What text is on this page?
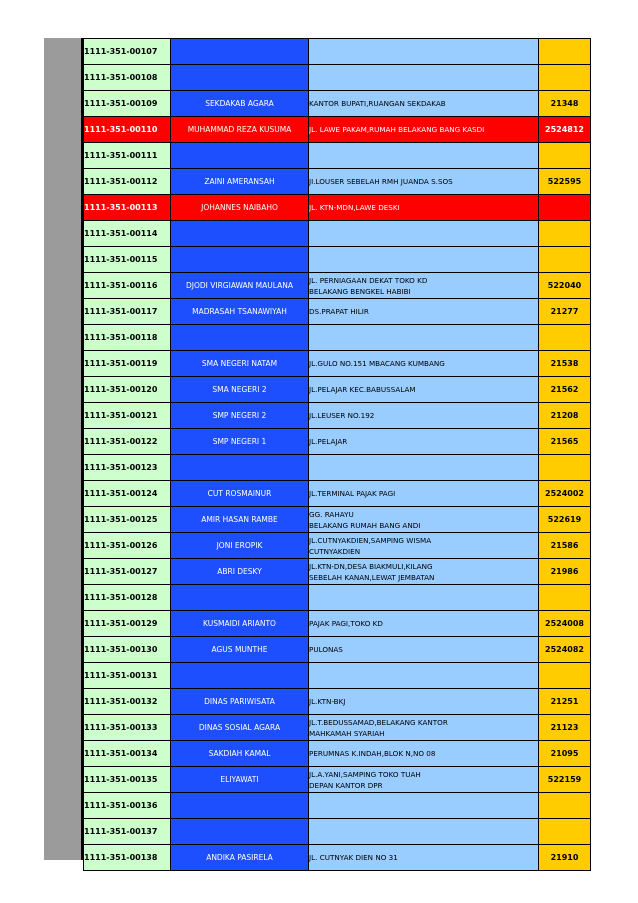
1111-351-00107			
1111-351-00108			
1111-351-00109	SEKDAKAB AGARA	KANTOR BUPATI,RUANGAN SEKDAKAB	21348
1111-351-00110	MUHAMMAD REZA KUSUMA	JL. LAWE PAKAM,RUMAH BELAKANG BANG KASDI	2524812
1111-351-00111			
1111-351-00112	ZAINI AMERANSAH	JI.LOUSER SEBELAH RMH JUANDA S.SOS	522595
1111-351-00113	JOHANNES NAIBAHO	JL. KTN-MDN,LAWE DESKI	

1111-351-00114			
1111-351-00115			
1111-351-00116	DJODI VIRGIAWAN MAULANA	JL. PERNIAGAAN DEKAT TOKO KD
BELAKANG BENGKEL HABIBI	522040
1111-351-00117	MADRASAH TSANAWIYAH	DS.PRAPAT HILIR	21277
1111-351-00118			
1111-351-00119	SMA NEGERI NATAM	JL.GULO NO.151 MBACANG KUMBANG	21538
1111-351-00120	SMA NEGERI 2	JL.PELAJAR KEC.BABUSSALAM	21562
1111-351-00121	SMP NEGERI 2	JL.LEUSER NO.192	21208
1111-351-00122	SMP NEGERI 1	JL.PELAJAR	21565
1111-351-00123			
1111-351-00124	CUT ROSMAINUR	JL.TERMINAL PAJAK PAGI	2524002
1111-351-00125	AMIR HASAN RAMBE	GG. RAHAYU
BELAKANG RUMAH BANG ANDI	522619
1111-351-00126	JONI EROPIK	JL.CUTNYAKDIEN,SAMPING WISMA
CUTNYAKDIEN	21586
1111-351-00127	ABRI DESKY	JL.KTN-DN,DESA BIAKMULI,KILANG
SEBELAH KANAN,LEWAT JEMBATAN	21986
1111-351-00128			
1111-351-00129	KUSMAIDI ARIANTO	PAJAK PAGI,TOKO KD	2524008
1111-351-00130	AGUS MUNTHE	PULONAS	2524082
1111-351-00131			
1111-351-00132	DINAS PARIWISATA	JL.KTN-BKJ	21251
1111-351-00133	DINAS SOSIAL AGARA	JL.T.BEDUSSAMAD,BELAKANG KANTOR
MAHKAMAH SYARIAH	21123
1111-351-00134	SAKDIAH KAMAL	PERUMNAS K.INDAH,BLOK N,NO 08	21095
1111-351-00135	ELIYAWATI	JL.A.YANI,SAMPING TOKO TUAH
DEPAN KANTOR DPR	522159
1111-351-00136			
1111-351-00137			
1111-351-00138	ANDIKA PASIRELA	JL. CUTNYAK DIEN NO 31	21910
